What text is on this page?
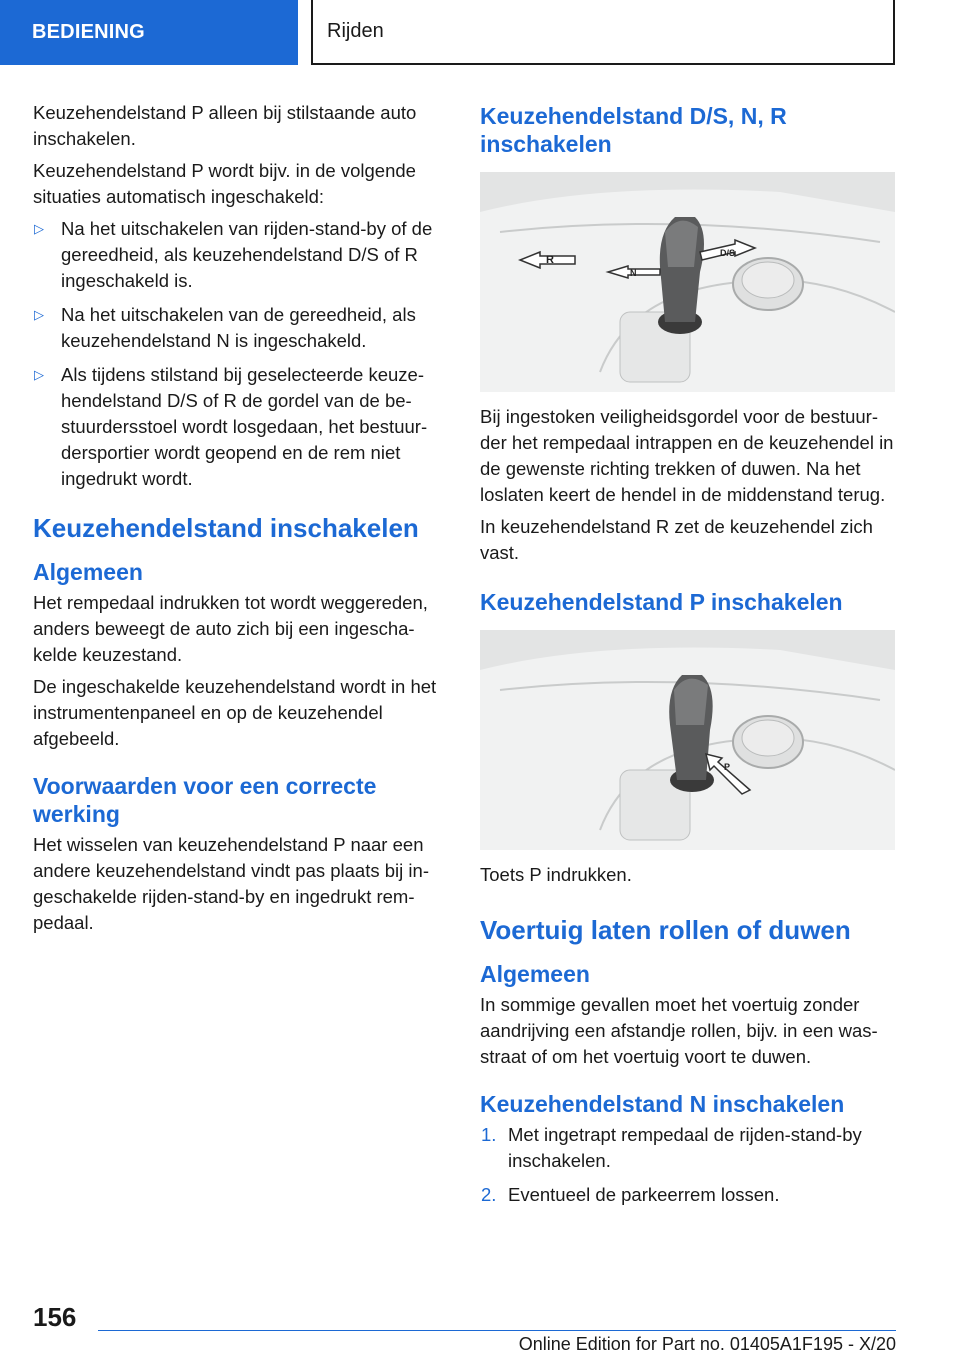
BEDIENING	Rijden

Keuzehendelstand P alleen bij stilstaande auto inschakelen.

Keuzehendelstand P wordt bijv. in de volgende situaties automatisch ingeschakeld:

▷ Na het uitschakelen van rijden-stand-by of de gereedheid, als keuzehendelstand D/S of R ingeschakeld is.
▷ Na het uitschakelen van de gereedheid, als keuzehendelstand N is ingeschakeld.
▷ Als tijdens stilstand bij geselecteerde keuzehendelstand D/S of R de gordel van de bestuurdersstoel wordt losgedaan, het bestuurdersportier wordt geopend en de rem niet ingedrukt wordt.
Keuzehendelstand inschakelen
Algemeen

Het rempedaal indrukken tot wordt weggereden, anders beweegt de auto zich bij een ingeschakelde keuzestand.

De ingeschakelde keuzehendelstand wordt in het instrumentenpaneel en op de keuzehendel afgebeeld.

Voorwaarden voor een correcte werking

Het wisselen van keuzehendelstand P naar een andere keuzehendelstand vindt pas plaats bij ingeschakelde rijden-stand-by en ingedrukt rempedaal.

Keuzehendelstand D/S, N, R inschakelen
R
N
D/S

Bij ingestoken veiligheidsgordel voor de bestuurder het rempedaal intrappen en de keuzehendel in de gewenste richting trekken of duwen. Na het loslaten keert de hendel in de middenstand terug.

In keuzehendelstand R zet de keuzehendel zich vast.

Keuzehendelstand P inschakelen
P

Toets P indrukken.

Voertuig laten rollen of duwen
Algemeen

In sommige gevallen moet het voertuig zonder aandrijving een afstandje rollen, bijv. in een wasstraat of om het voertuig voort te duwen.

Keuzehendelstand N inschakelen
1. Met ingetrapt rempedaal de rijden-stand-by inschakelen.
2. Eventueel de parkeerrem lossen.
156
Online Edition for Part no. 01405A1F195 - X/20
